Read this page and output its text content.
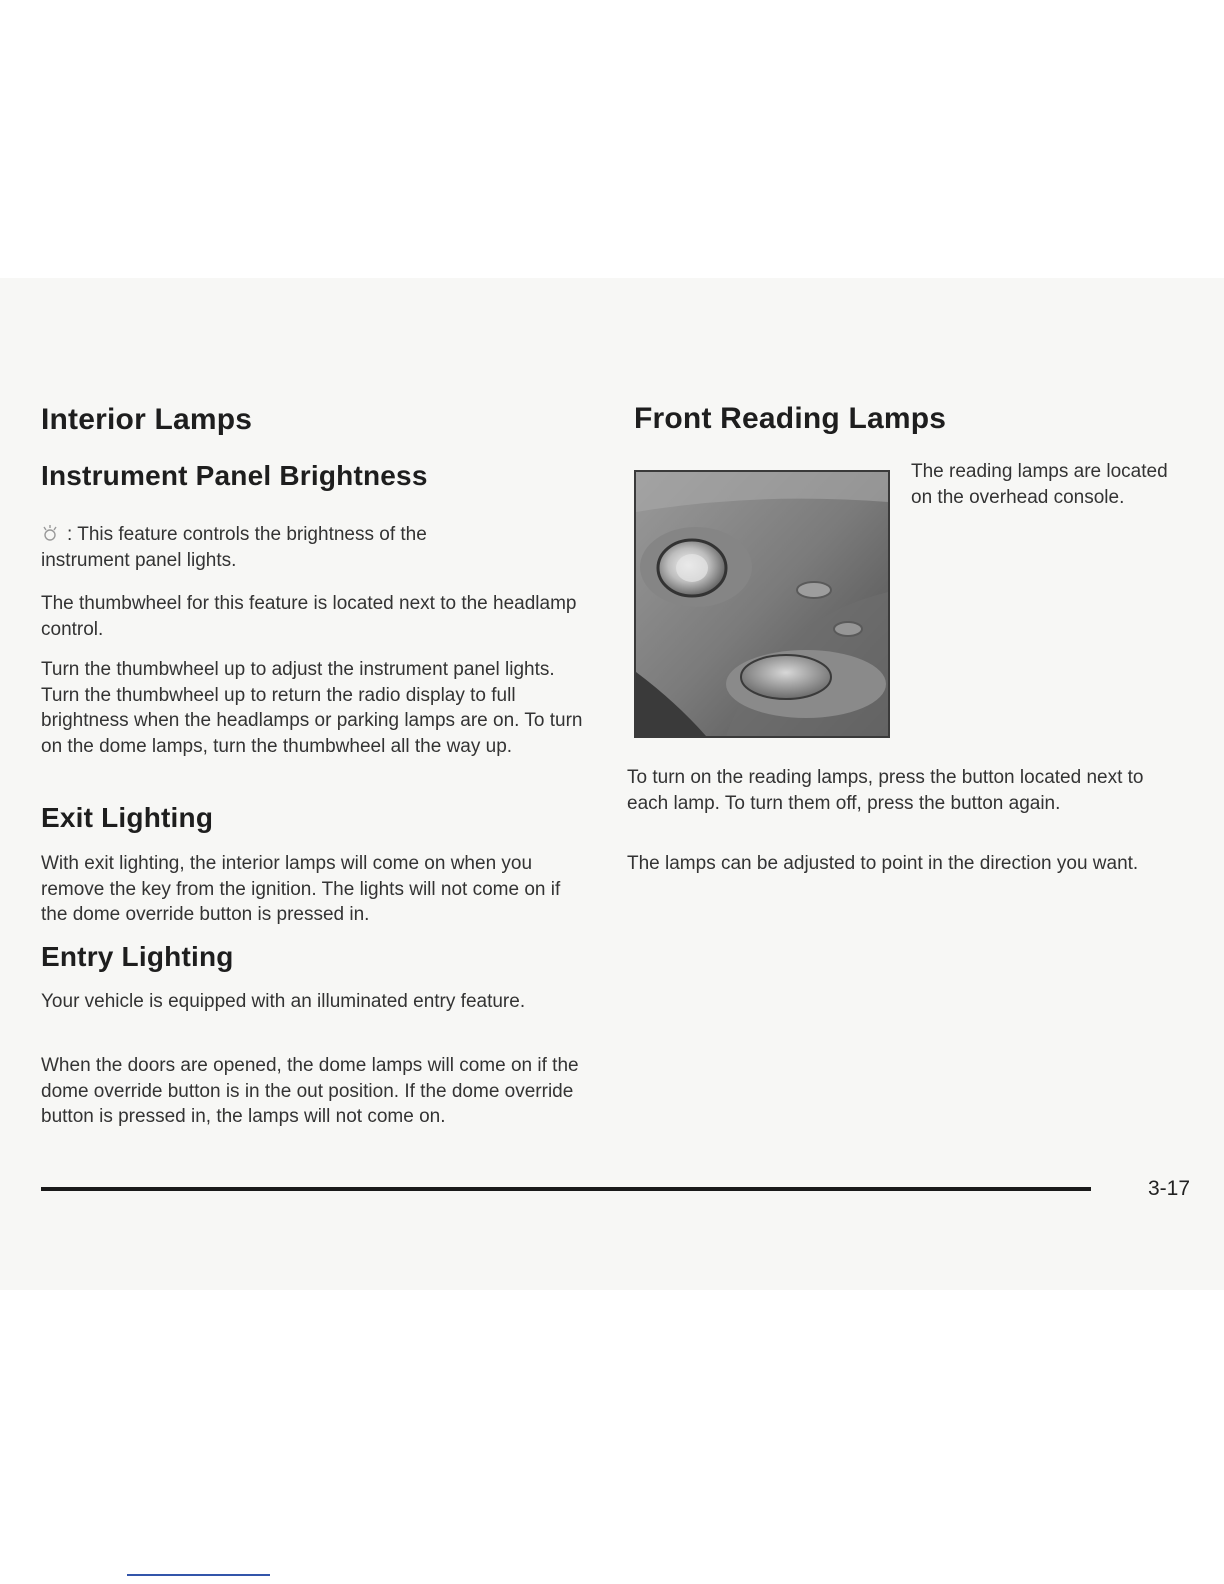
Interior Lamps
Instrument Panel Brightness

: This feature controls the brightness of the instrument panel lights.

The thumbwheel for this feature is located next to the headlamp control.

Turn the thumbwheel up to adjust the instrument panel lights. Turn the thumbwheel up to return the radio display to full brightness when the headlamps or parking lamps are on. To turn on the dome lamps, turn the thumbwheel all the way up.

Exit Lighting

With exit lighting, the interior lamps will come on when you remove the key from the ignition. The lights will not come on if the dome override button is pressed in.

Entry Lighting

Your vehicle is equipped with an illuminated entry feature.

When the doors are opened, the dome lamps will come on if the dome override button is in the out position. If the dome override button is pressed in, the lamps will not come on.

Front Reading Lamps

The reading lamps are located on the overhead console.

To turn on the reading lamps, press the button located next to each lamp. To turn them off, press the button again.

The lamps can be adjusted to point in the direction you want.

3-17
